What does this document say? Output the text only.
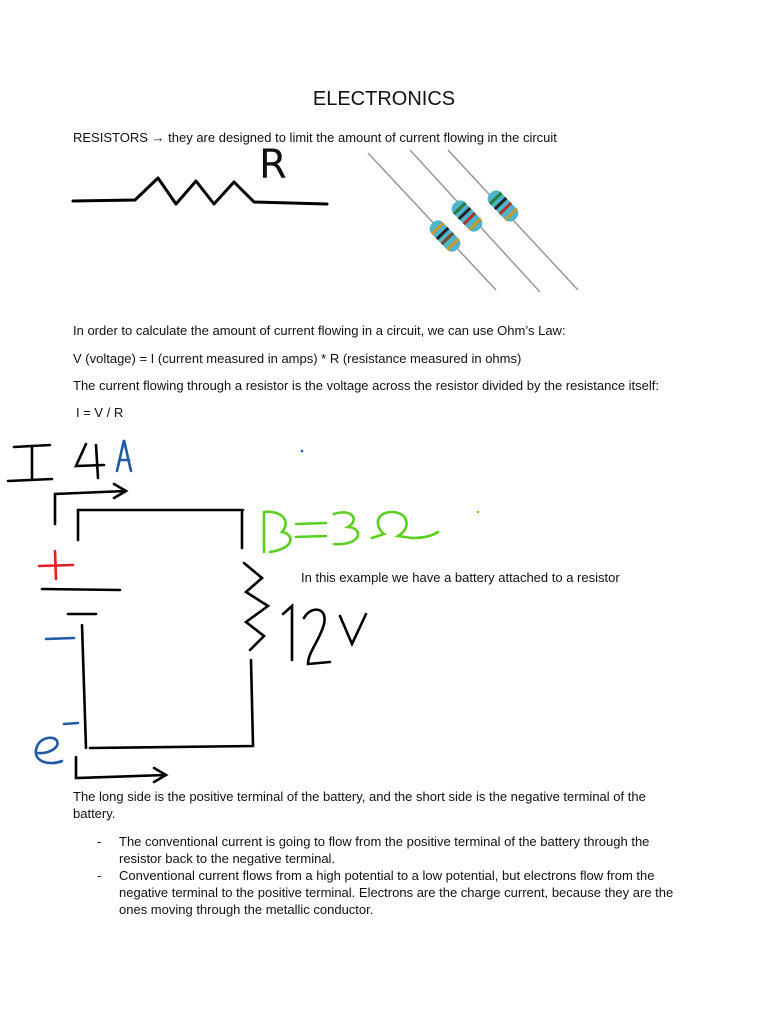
ELECTRONICS
RESISTORS → they are designed to limit the amount of current flowing in the circuit
R
In order to calculate the amount of current flowing in a circuit, we can use Ohm’s Law:
V (voltage) = I (current measured in amps) * R (resistance measured in ohms)
The current flowing through a resistor is the voltage across the resistor divided by the resistance itself:
I = V / R
In this example we have a battery attached to a resistor
The long side is the positive terminal of the battery, and the short side is the negative terminal of the battery.
- The conventional current is going to flow from the positive terminal of the battery through the resistor back to the negative terminal.
- Conventional current flows from a high potential to a low potential, but electrons flow from the negative terminal to the positive terminal. Electrons are the charge current, because they are the ones moving through the metallic conductor.
